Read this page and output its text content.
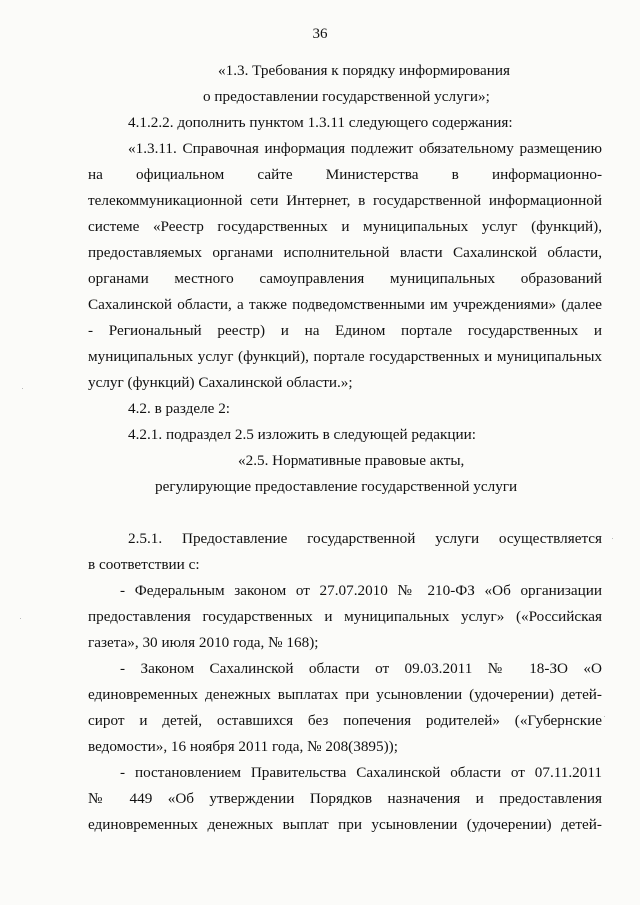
36
«1.3. Требования к порядку информирования
о предоставлении государственной услуги»;
4.1.2.2. дополнить пунктом 1.3.11 следующего содержания:
«1.3.11. Справочная информация подлежит обязательному размещению
на официальном сайте Министерства в информационно-
телекоммуникационной сети Интернет, в государственной информационной
системе «Реестр государственных и муниципальных услуг (функций),
предоставляемых органами исполнительной власти Сахалинской области,
органами местного самоуправления муниципальных образований
Сахалинской области, а также подведомственными им учреждениями» (далее
- Региональный реестр) и на Едином портале государственных и
муниципальных услуг (функций), портале государственных и муниципальных
услуг (функций) Сахалинской области.»;
4.2. в разделе 2:
4.2.1. подраздел 2.5 изложить в следующей редакции:
«2.5. Нормативные правовые акты,
регулирующие предоставление государственной услуги
2.5.1. Предоставление государственной услуги осуществляется
в соответствии с:
- Федеральным законом от 27.07.2010 № 210-ФЗ «Об организации
предоставления государственных и муниципальных услуг» («Российская
газета», 30 июля 2010 года, № 168);
- Законом Сахалинской области от 09.03.2011 № 18-ЗО «О
единовременных денежных выплатах при усыновлении (удочерении) детей-
сирот и детей, оставшихся без попечения родителей» («Губернские
ведомости», 16 ноября 2011 года, № 208(3895));
- постановлением Правительства Сахалинской области от 07.11.2011
№ 449 «Об утверждении Порядков назначения и предоставления
единовременных денежных выплат при усыновлении (удочерении) детей-
